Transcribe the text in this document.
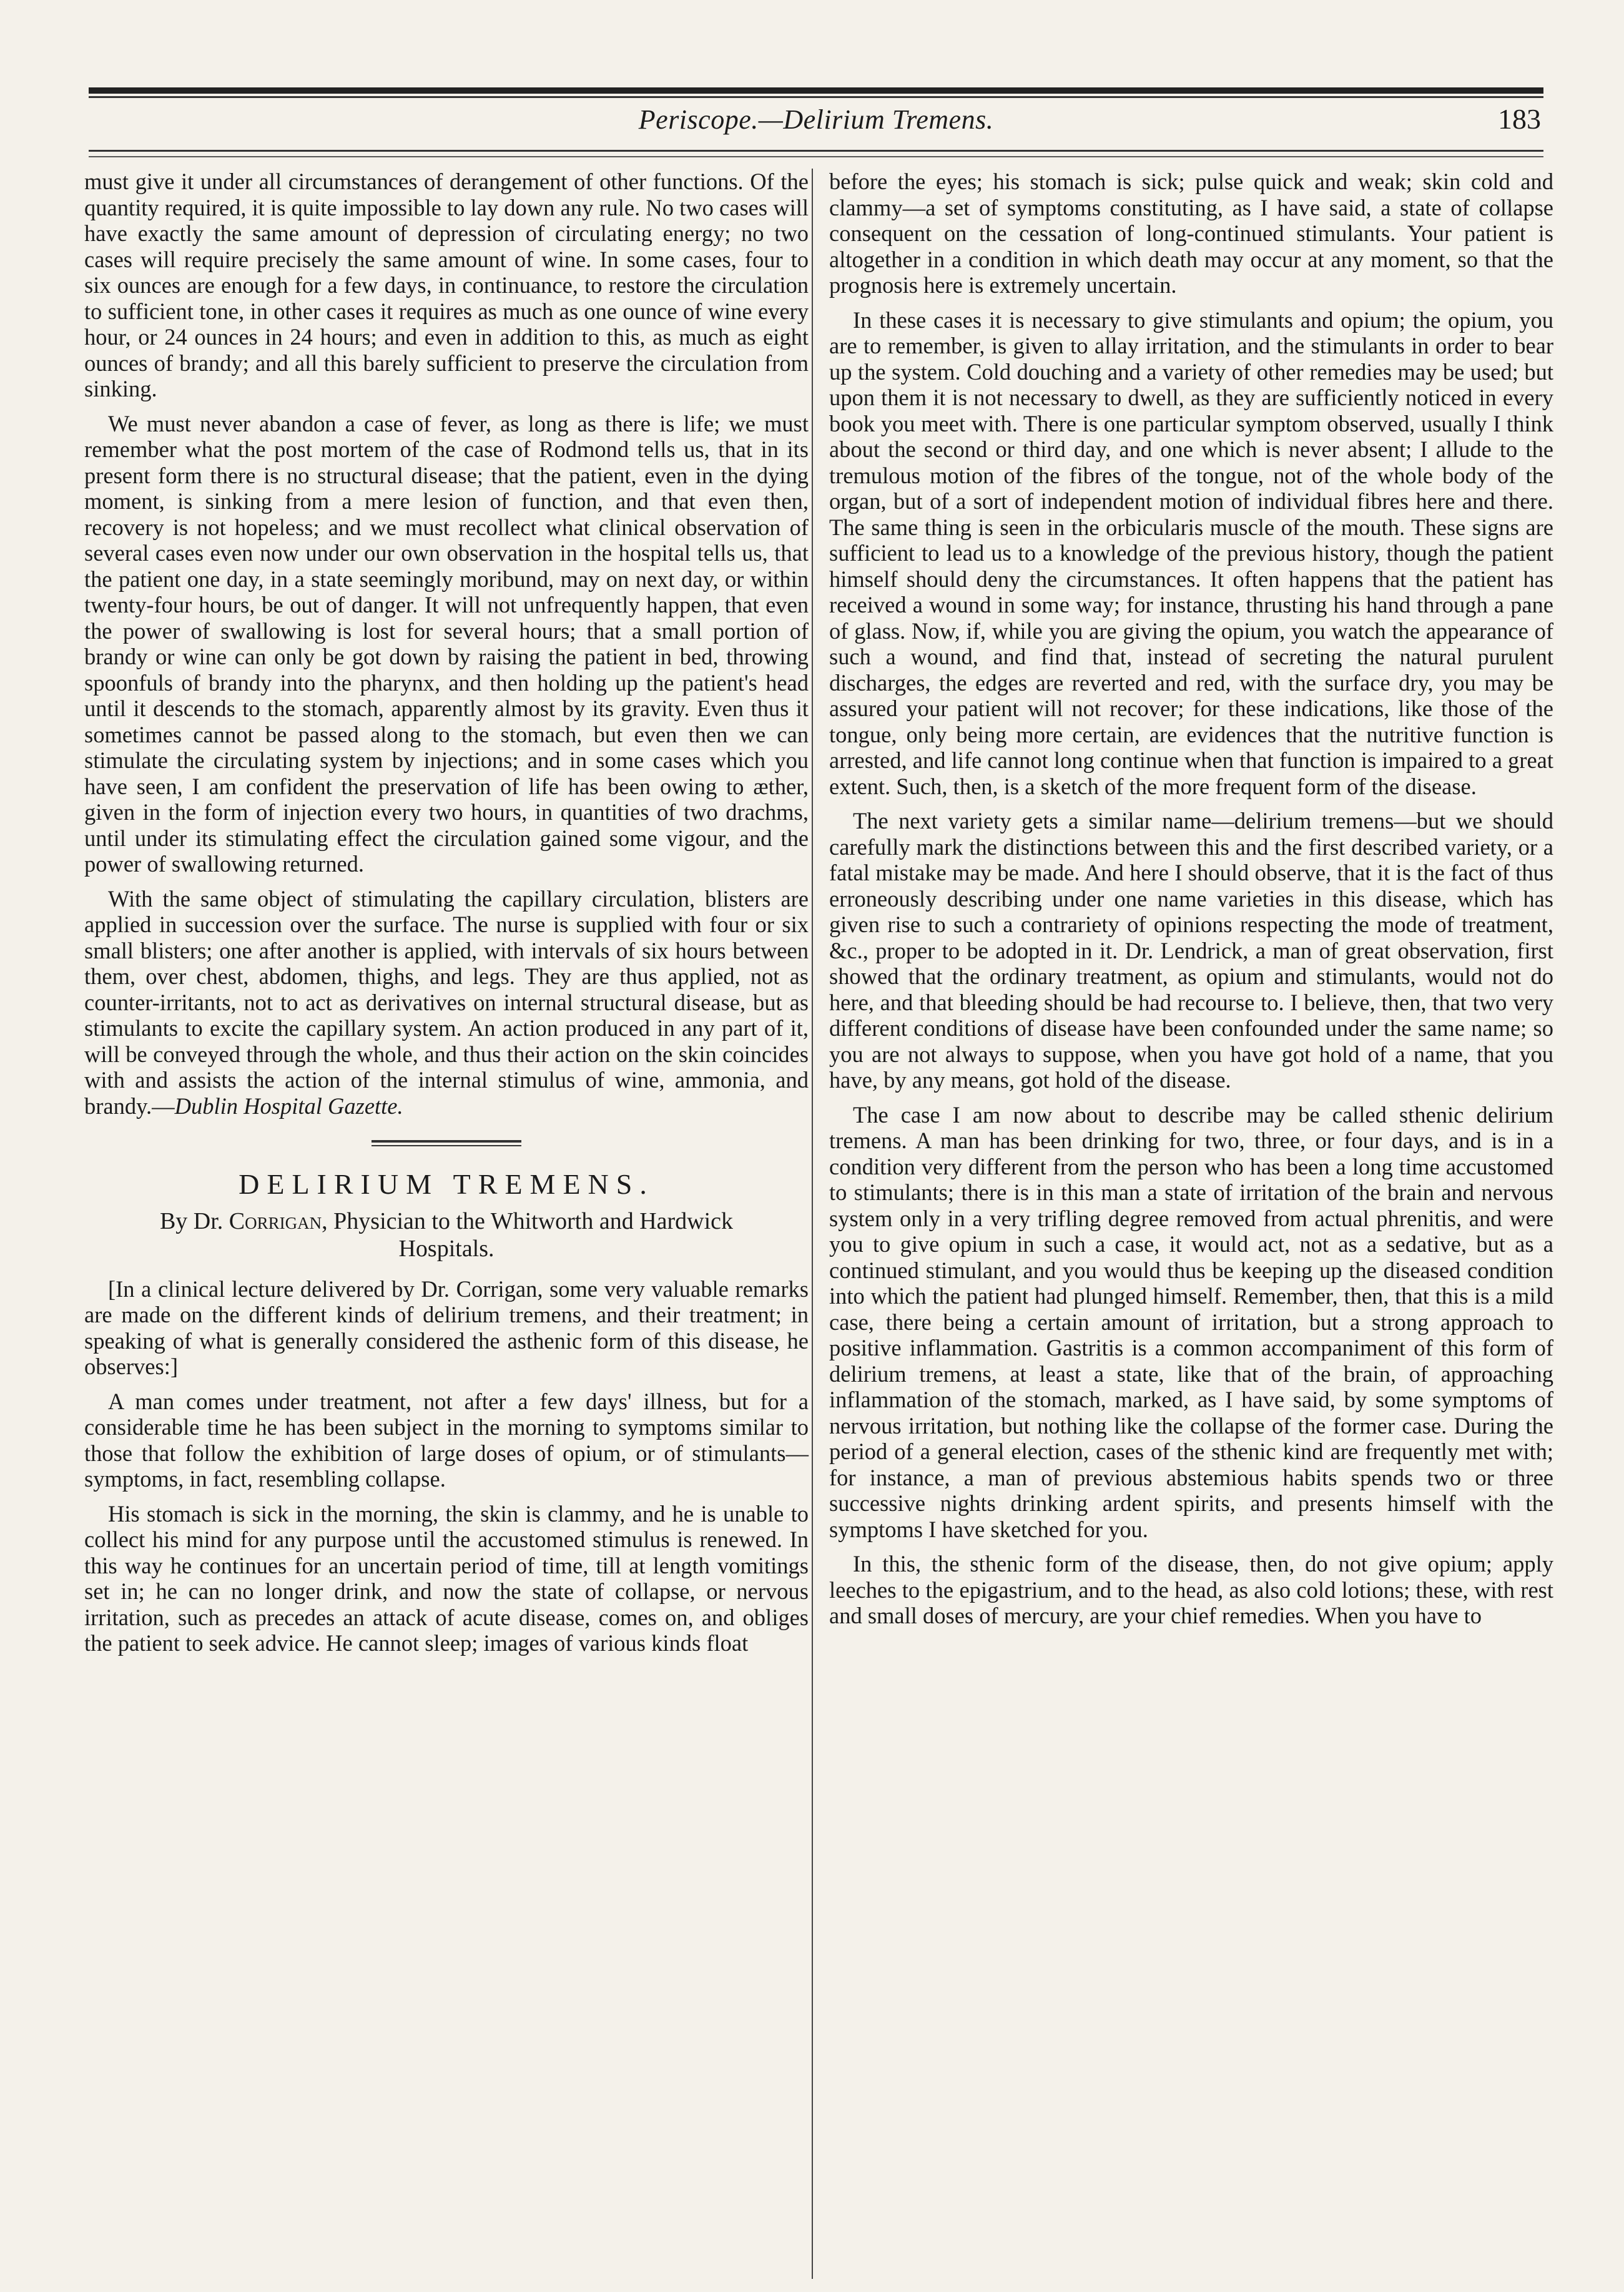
Periscope.—Delirium Tremens.	183

must give it under all circumstances of derangement of other functions. Of the quantity required, it is quite impossible to lay down any rule. No two cases will have exactly the same amount of depression of circulating energy; no two cases will require precisely the same amount of wine. In some cases, four to six ounces are enough for a few days, in continuance, to restore the circulation to sufficient tone, in other cases it requires as much as one ounce of wine every hour, or 24 ounces in 24 hours; and even in addition to this, as much as eight ounces of brandy; and all this barely sufficient to preserve the circulation from sinking.

We must never abandon a case of fever, as long as there is life; we must remember what the post mortem of the case of Rodmond tells us, that in its present form there is no structural disease; that the patient, even in the dying moment, is sinking from a mere lesion of function, and that even then, recovery is not hopeless; and we must recollect what clinical observation of several cases even now under our own observation in the hospital tells us, that the patient one day, in a state seemingly moribund, may on next day, or within twenty-four hours, be out of danger. It will not unfrequently happen, that even the power of swallowing is lost for several hours; that a small portion of brandy or wine can only be got down by raising the patient in bed, throwing spoonfuls of brandy into the pharynx, and then holding up the patient's head until it descends to the stomach, apparently almost by its gravity. Even thus it sometimes cannot be passed along to the stomach, but even then we can stimulate the circulating system by injections; and in some cases which you have seen, I am confident the preservation of life has been owing to æther, given in the form of injection every two hours, in quantities of two drachms, until under its stimulating effect the circulation gained some vigour, and the power of swallowing returned.

With the same object of stimulating the capillary circulation, blisters are applied in succession over the surface. The nurse is supplied with four or six small blisters; one after another is applied, with intervals of six hours between them, over chest, abdomen, thighs, and legs. They are thus applied, not as counter-irritants, not to act as derivatives on internal structural disease, but as stimulants to excite the capillary system. An action produced in any part of it, will be conveyed through the whole, and thus their action on the skin coincides with and assists the action of the internal stimulus of wine, ammonia, and brandy.—Dublin Hospital Gazette.

DELIRIUM TREMENS.
By Dr. Corrigan, Physician to the Whitworth and Hardwick Hospitals.

[In a clinical lecture delivered by Dr. Corrigan, some very valuable remarks are made on the different kinds of delirium tremens, and their treatment; in speaking of what is generally considered the asthenic form of this disease, he observes:]

A man comes under treatment, not after a few days' illness, but for a considerable time he has been subject in the morning to symptoms similar to those that follow the exhibition of large doses of opium, or of stimulants—symptoms, in fact, resembling collapse.

His stomach is sick in the morning, the skin is clammy, and he is unable to collect his mind for any purpose until the accustomed stimulus is renewed. In this way he continues for an uncertain period of time, till at length vomitings set in; he can no longer drink, and now the state of collapse, or nervous irritation, such as precedes an attack of acute disease, comes on, and obliges the patient to seek advice. He cannot sleep; images of various kinds float

before the eyes; his stomach is sick; pulse quick and weak; skin cold and clammy—a set of symptoms constituting, as I have said, a state of collapse consequent on the cessation of long-continued stimulants. Your patient is altogether in a condition in which death may occur at any moment, so that the prognosis here is extremely uncertain.

In these cases it is necessary to give stimulants and opium; the opium, you are to remember, is given to allay irritation, and the stimulants in order to bear up the system. Cold douching and a variety of other remedies may be used; but upon them it is not necessary to dwell, as they are sufficiently noticed in every book you meet with. There is one particular symptom observed, usually I think about the second or third day, and one which is never absent; I allude to the tremulous motion of the fibres of the tongue, not of the whole body of the organ, but of a sort of independent motion of individual fibres here and there. The same thing is seen in the orbicularis muscle of the mouth. These signs are sufficient to lead us to a knowledge of the previous history, though the patient himself should deny the circumstances. It often happens that the patient has received a wound in some way; for instance, thrusting his hand through a pane of glass. Now, if, while you are giving the opium, you watch the appearance of such a wound, and find that, instead of secreting the natural purulent discharges, the edges are reverted and red, with the surface dry, you may be assured your patient will not recover; for these indications, like those of the tongue, only being more certain, are evidences that the nutritive function is arrested, and life cannot long continue when that function is impaired to a great extent. Such, then, is a sketch of the more frequent form of the disease.

The next variety gets a similar name—delirium tremens—but we should carefully mark the distinctions between this and the first described variety, or a fatal mistake may be made. And here I should observe, that it is the fact of thus erroneously describing under one name varieties in this disease, which has given rise to such a contrariety of opinions respecting the mode of treatment, &c., proper to be adopted in it. Dr. Lendrick, a man of great observation, first showed that the ordinary treatment, as opium and stimulants, would not do here, and that bleeding should be had recourse to. I believe, then, that two very different conditions of disease have been confounded under the same name; so you are not always to suppose, when you have got hold of a name, that you have, by any means, got hold of the disease.

The case I am now about to describe may be called sthenic delirium tremens. A man has been drinking for two, three, or four days, and is in a condition very different from the person who has been a long time accustomed to stimulants; there is in this man a state of irritation of the brain and nervous system only in a very trifling degree removed from actual phrenitis, and were you to give opium in such a case, it would act, not as a sedative, but as a continued stimulant, and you would thus be keeping up the diseased condition into which the patient had plunged himself. Remember, then, that this is a mild case, there being a certain amount of irritation, but a strong approach to positive inflammation. Gastritis is a common accompaniment of this form of delirium tremens, at least a state, like that of the brain, of approaching inflammation of the stomach, marked, as I have said, by some symptoms of nervous irritation, but nothing like the collapse of the former case. During the period of a general election, cases of the sthenic kind are frequently met with; for instance, a man of previous abstemious habits spends two or three successive nights drinking ardent spirits, and presents himself with the symptoms I have sketched for you.

In this, the sthenic form of the disease, then, do not give opium; apply leeches to the epigastrium, and to the head, as also cold lotions; these, with rest and small doses of mercury, are your chief remedies. When you have to
